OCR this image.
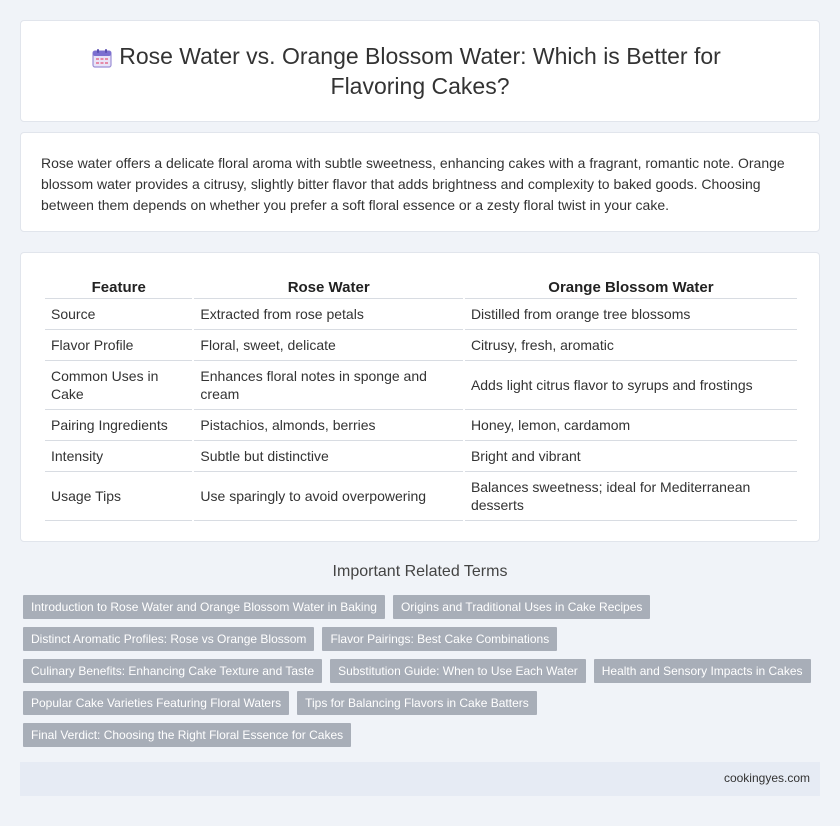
Rose Water vs. Orange Blossom Water: Which is Better for Flavoring Cakes?

Rose water offers a delicate floral aroma with subtle sweetness, enhancing cakes with a fragrant, romantic note. Orange blossom water provides a citrusy, slightly bitter flavor that adds brightness and complexity to baked goods. Choosing between them depends on whether you prefer a soft floral essence or a zesty floral twist in your cake.

Feature	Rose Water	Orange Blossom Water
Source	Extracted from rose petals	Distilled from orange tree blossoms
Flavor Profile	Floral, sweet, delicate	Citrusy, fresh, aromatic
Common Uses in Cake	Enhances floral notes in sponge and cream	Adds light citrus flavor to syrups and frostings
Pairing Ingredients	Pistachios, almonds, berries	Honey, lemon, cardamom
Intensity	Subtle but distinctive	Bright and vibrant
Usage Tips	Use sparingly to avoid overpowering	Balances sweetness; ideal for Mediterranean desserts
Important Related Terms
Introduction to Rose Water and Orange Blossom Water in Baking	Origins and Traditional Uses in Cake Recipes
Distinct Aromatic Profiles: Rose vs Orange Blossom	Flavor Pairings: Best Cake Combinations
Culinary Benefits: Enhancing Cake Texture and Taste	Substitution Guide: When to Use Each Water	Health and Sensory Impacts in Cakes
Popular Cake Varieties Featuring Floral Waters	Tips for Balancing Flavors in Cake Batters
Final Verdict: Choosing the Right Floral Essence for Cakes
cookingyes.com
